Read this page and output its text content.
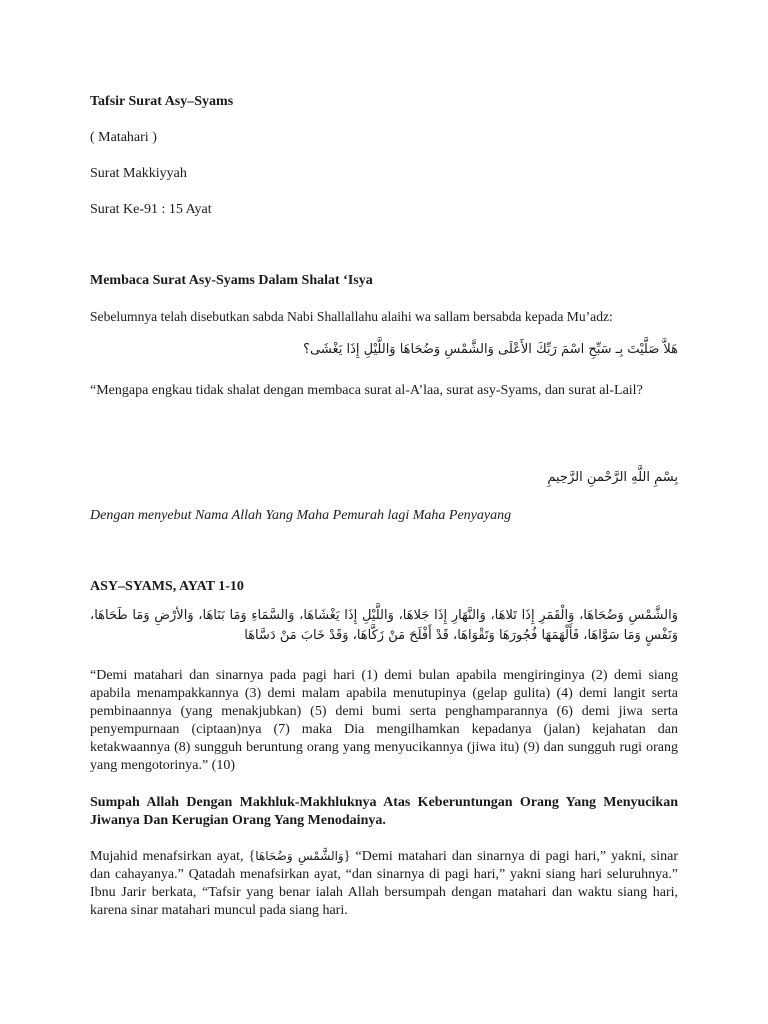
Tafsir Surat Asy–Syams
( Matahari )
Surat Makkiyyah
Surat Ke-91 : 15 Ayat
Membaca Surat Asy-Syams Dalam Shalat ‘Isya
Sebelumnya telah disebutkan sabda Nabi Shallallahu alaihi wa sallam bersabda kepada Mu’adz:
هَلاَّ صَلَّيْتَ بِـ سَبِّحِ اسْمَ رَبِّكَ الأَعْلَى وَالشَّمْسِ وَضُحَاهَا وَاللَّيْلِ إِذَا يَغْشَى؟
“Mengapa engkau tidak shalat dengan membaca surat al-A’laa, surat asy-Syams, dan surat al-Lail?
بِسْمِ اللَّهِ الرَّحْمنِ الرَّحِيمِ
Dengan menyebut Nama Allah Yang Maha Pemurah lagi Maha Penyayang
ASY–SYAMS, AYAT 1-10
وَالشَّمْسِ وَضُحَاهَا، وَالْقَمَرِ إِذَا تَلاهَا، وَالنَّهَارِ إِذَا جَلاهَا، وَاللَّيْلِ إِذَا يَغْشَاهَا، وَالسَّمَاءِ وَمَا بَنَاهَا، وَالأرْضِ وَمَا طَحَاهَا، وَنَفْسٍ وَمَا سَوَّاهَا، فَأَلْهَمَهَا فُجُورَهَا وَتَقْوَاهَا، قَدْ أَفْلَحَ مَنْ زَكَّاهَا، وَقَدْ خَابَ مَنْ دَسَّاهَا
“Demi matahari dan sinarnya pada pagi hari (1) demi bulan apabila mengiringinya (2) demi siang apabila menampakkannya (3) demi malam apabila menutupinya (gelap gulita) (4) demi langit serta pembinaannya (yang menakjubkan) (5) demi bumi serta penghamparannya (6) demi jiwa serta penyempurnaan (ciptaan)nya (7) maka Dia mengilhamkan kepadanya (jalan) kejahatan dan ketakwaannya (8) sungguh beruntung orang yang menyucikannya (jiwa itu) (9) dan sungguh rugi orang yang mengotorinya.” (10)
Sumpah Allah Dengan Makhluk-Makhluknya Atas Keberuntungan Orang Yang Menyucikan Jiwanya Dan Kerugian Orang Yang Menodainya.
Mujahid menafsirkan ayat, {وَالشَّمْسِ وَضُحَاهَا} “Demi matahari dan sinarnya di pagi hari,” yakni, sinar dan cahayanya.” Qatadah menafsirkan ayat, “dan sinarnya di pagi hari,” yakni siang hari seluruhnya.” Ibnu Jarir berkata, “Tafsir yang benar ialah Allah bersumpah dengan matahari dan waktu siang hari, karena sinar matahari muncul pada siang hari.
